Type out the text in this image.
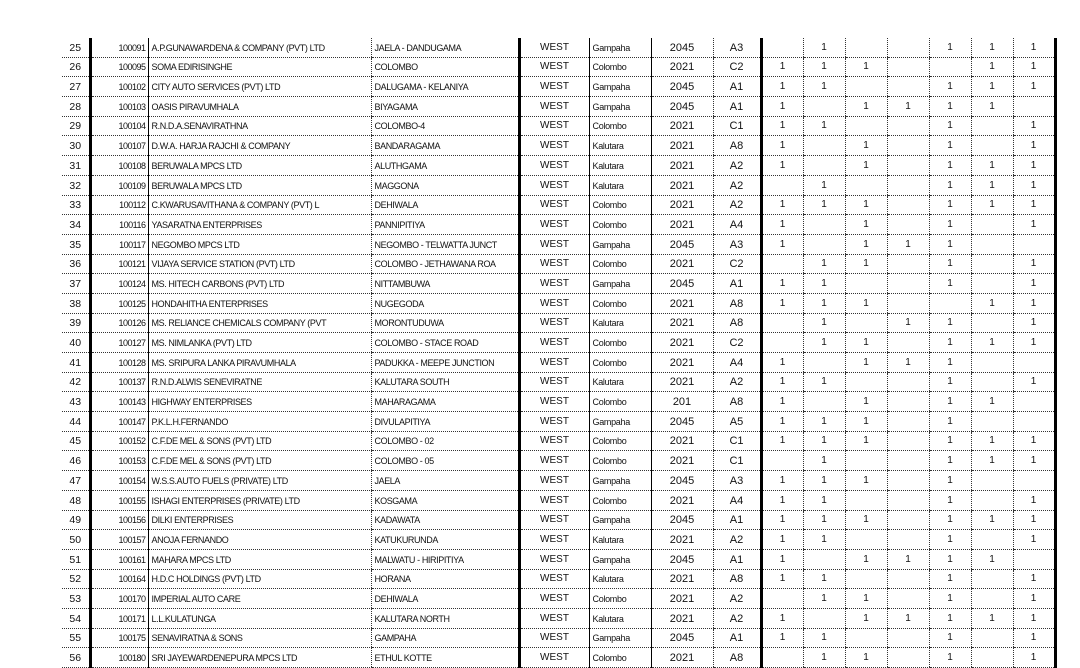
25	100091	A.P.GUNAWARDENA & COMPANY (PVT) LTD	JAELA - DANDUGAMA	WEST	Gampaha	2045	A3		1			1	1	1
26	100095	SOMA EDIRISINGHE	COLOMBO	WEST	Colombo	2021	C2	1	1	1			1	1
27	100102	CITY AUTO SERVICES (PVT) LTD	DALUGAMA - KELANIYA	WEST	Gampaha	2045	A1	1	1			1	1	1
28	100103	OASIS PIRAVUMHALA	BIYAGAMA	WEST	Gampaha	2045	A1	1		1	1	1	1	
29	100104	R.N.D.A.SENAVIRATHNA	COLOMBO-4	WEST	Colombo	2021	C1	1	1			1		1
30	100107	D.W.A. HARJA RAJCHI & COMPANY	BANDARAGAMA	WEST	Kalutara	2021	A8	1		1		1		1
31	100108	BERUWALA MPCS LTD	ALUTHGAMA	WEST	Kalutara	2021	A2	1		1		1	1	1
32	100109	BERUWALA MPCS LTD	MAGGONA	WEST	Kalutara	2021	A2		1			1	1	1
33	100112	C.KWARUSAVITHANA & COMPANY (PVT) L	DEHIWALA	WEST	Colombo	2021	A2	1	1	1		1	1	1
34	100116	YASARATNA ENTERPRISES	PANNIPITIYA	WEST	Colombo	2021	A4	1		1		1		1
35	100117	NEGOMBO MPCS LTD	NEGOMBO - TELWATTA JUNCT	WEST	Gampaha	2045	A3	1		1	1	1		
36	100121	VIJAYA SERVICE STATION (PVT) LTD	COLOMBO - JETHAWANA ROA	WEST	Colombo	2021	C2		1	1		1		1
37	100124	MS. HITECH CARBONS (PVT) LTD	NITTAMBUWA	WEST	Gampaha	2045	A1	1	1			1		1
38	100125	HONDAHITHA ENTERPRISES	NUGEGODA	WEST	Colombo	2021	A8	1	1	1			1	1
39	100126	MS. RELIANCE CHEMICALS COMPANY (PVT	MORONTUDUWA	WEST	Kalutara	2021	A8		1		1	1		1
40	100127	MS. NIMLANKA (PVT) LTD	COLOMBO - STACE ROAD	WEST	Colombo	2021	C2		1	1		1	1	1
41	100128	MS. SRIPURA LANKA PIRAVUMHALA	PADUKKA - MEEPE JUNCTION	WEST	Colombo	2021	A4	1		1	1	1		
42	100137	R.N.D.ALWIS SENEVIRATNE	KALUTARA SOUTH	WEST	Kalutara	2021	A2	1	1			1		1
43	100143	HIGHWAY ENTERPRISES	MAHARAGAMA	WEST	Colombo	201	A8	1		1		1	1	
44	100147	P.K.L.H.FERNANDO	DIVULAPITIYA	WEST	Gampaha	2045	A5	1	1	1		1		
45	100152	C.F.DE MEL & SONS (PVT) LTD	COLOMBO - 02	WEST	Colombo	2021	C1	1	1	1		1	1	1
46	100153	C.F.DE MEL & SONS (PVT) LTD	COLOMBO - 05	WEST	Colombo	2021	C1		1			1	1	1
47	100154	W.S.S.AUTO FUELS (PRIVATE) LTD	JAELA	WEST	Gampaha	2045	A3	1	1	1		1		
48	100155	ISHAGI ENTERPRISES (PRIVATE) LTD	KOSGAMA	WEST	Colombo	2021	A4	1	1			1		1
49	100156	DILKI ENTERPRISES	KADAWATA	WEST	Gampaha	2045	A1	1	1	1		1	1	1
50	100157	ANOJA FERNANDO	KATUKURUNDA	WEST	Kalutara	2021	A2	1	1			1		1
51	100161	MAHARA MPCS LTD	MALWATU - HIRIPITIYA	WEST	Gampaha	2045	A1	1		1	1	1	1	
52	100164	H.D.C HOLDINGS (PVT) LTD	HORANA	WEST	Kalutara	2021	A8	1	1			1		1
53	100170	IMPERIAL AUTO CARE	DEHIWALA	WEST	Colombo	2021	A2		1	1		1		1
54	100171	L.L.KULATUNGA	KALUTARA NORTH	WEST	Kalutara	2021	A2	1		1	1	1	1	1
55	100175	SENAVIRATNA & SONS	GAMPAHA	WEST	Gampaha	2045	A1	1	1			1		1
56	100180	SRI JAYEWARDENEPURA MPCS LTD	ETHUL KOTTE	WEST	Colombo	2021	A8		1	1		1		1
